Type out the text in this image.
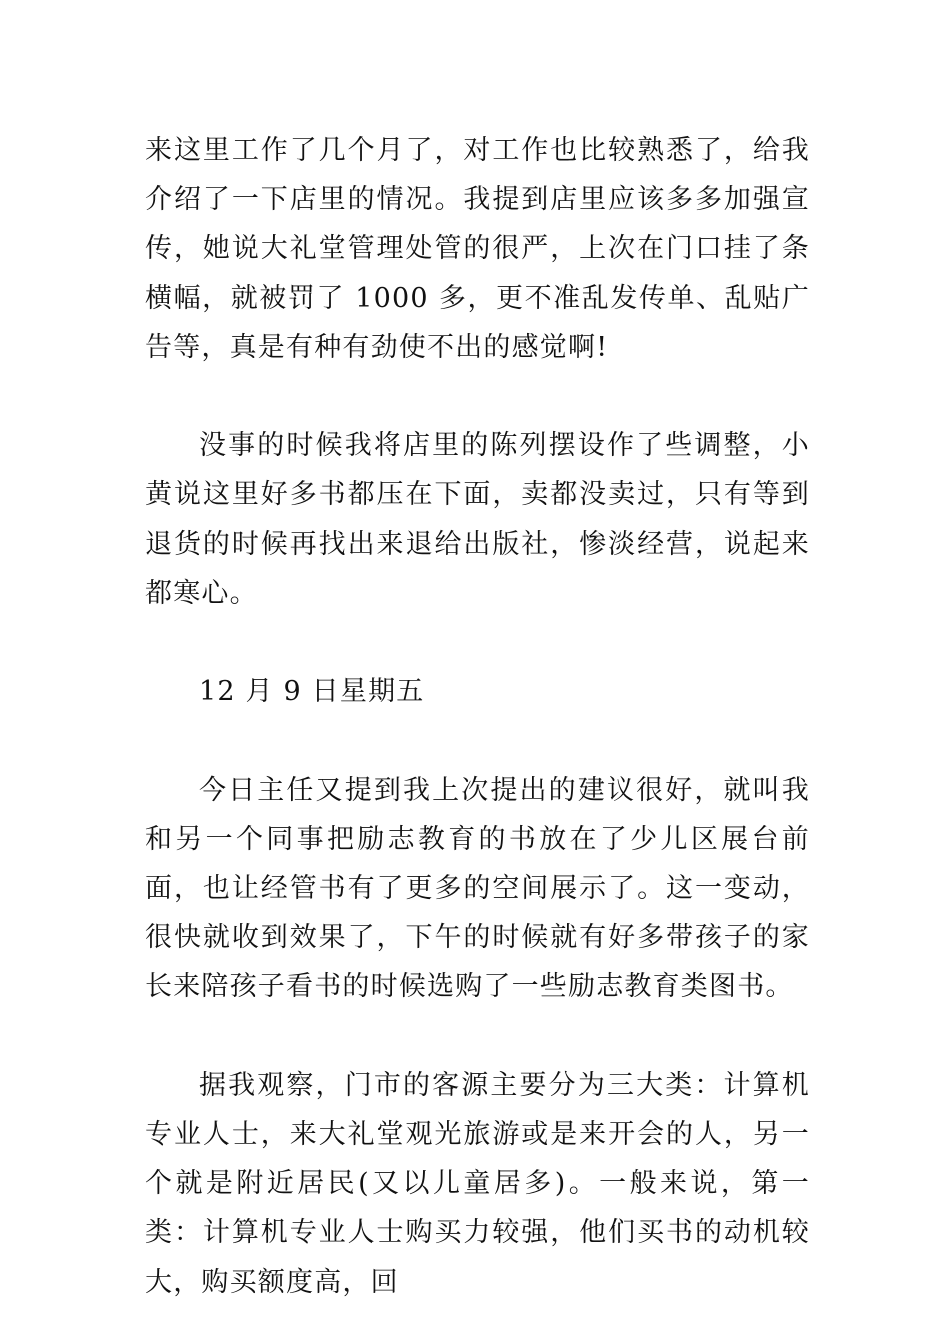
来这里工作了几个月了，对工作也比较熟悉了，给我介绍了一下店里的情况。我提到店里应该多多加强宣传，她说大礼堂管理处管的很严，上次在门口挂了条横幅，就被罚了 1000 多，更不准乱发传单、乱贴广告等，真是有种有劲使不出的感觉啊!

没事的时候我将店里的陈列摆设作了些调整，小黄说这里好多书都压在下面，卖都没卖过，只有等到退货的时候再找出来退给出版社，惨淡经营，说起来都寒心。

12 月 9 日星期五

今日主任又提到我上次提出的建议很好，就叫我和另一个同事把励志教育的书放在了少儿区展台前面，也让经管书有了更多的空间展示了。这一变动，很快就收到效果了，下午的时候就有好多带孩子的家长来陪孩子看书的时候选购了一些励志教育类图书。

据我观察，门市的客源主要分为三大类：计算机专业人士，来大礼堂观光旅游或是来开会的人，另一个就是附近居民(又以儿童居多)。一般来说，第一类：计算机专业人士购买力较强，他们买书的动机较大，购买额度高，回
